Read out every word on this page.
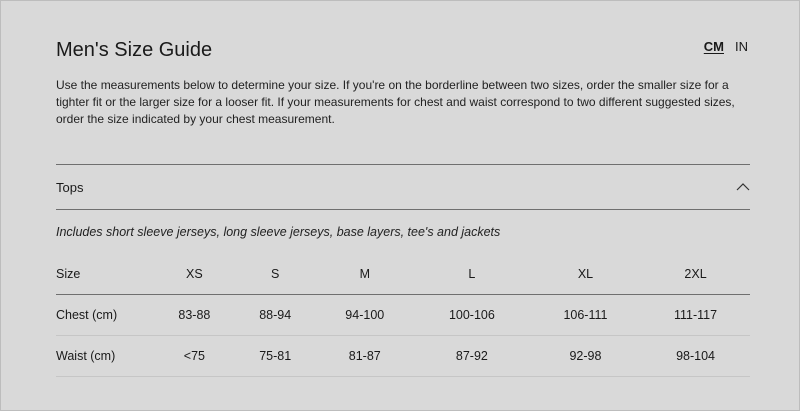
Men's Size Guide	CM IN

Use the measurements below to determine your size. If you're on the borderline between two sizes, order the smaller size for a tighter fit or the larger size for a looser fit. If your measurements for chest and waist correspond to two different suggested sizes, order the size indicated by your chest measurement.

Tops

Includes short sleeve jerseys, long sleeve jerseys, base layers, tee's and jackets

Size	XS	S	M	L	XL	2XL
Chest (cm)	83-88	88-94	94-100	100-106	106-111	111-117
Waist (cm)	<75	75-81	81-87	87-92	92-98	98-104
